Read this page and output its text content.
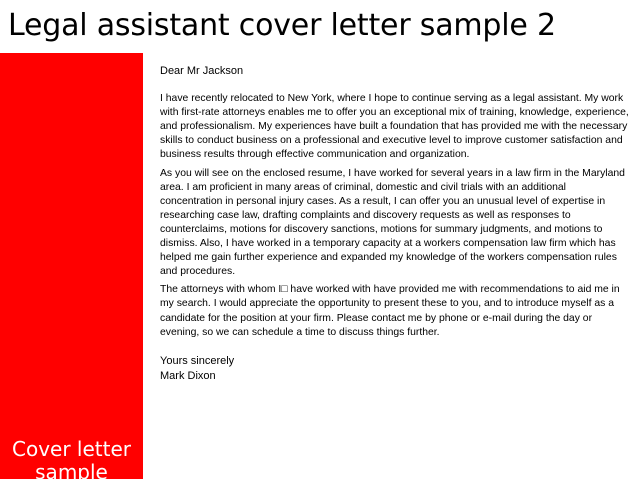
Legal assistant cover letter sample 2
Cover letter
sample

Dear Mr Jackson

I have recently relocated to New York, where I hope to continue serving as a legal assistant. My work with first-rate attorneys enables me to offer you an exceptional mix of training, knowledge, experience, and professionalism. My experiences have built a foundation that has provided me with the necessary skills to conduct business on a professional and executive level to improve customer satisfaction and business results through effective communication and organization.

As you will see on the enclosed resume, I have worked for several years in a law firm in the Maryland area. I am proficient in many areas of criminal, domestic and civil trials with an additional concentration in personal injury cases. As a result, I can offer you an unusual level of expertise in researching case law, drafting complaints and discovery requests as well as responses to counterclaims, motions for discovery sanctions, motions for summary judgments, and motions to dismiss. Also, I have worked in a temporary capacity at a workers compensation law firm which has helped me gain further experience and expanded my knowledge of the workers compensation rules and procedures.

The attorneys with whom I□ have worked with have provided me with recommendations to aid me in my search. I would appreciate the opportunity to present these to you, and to introduce myself as a candidate for the position at your firm. Please contact me by phone or e-mail during the day or evening, so we can schedule a time to discuss things further.

Yours sincerely
Mark Dixon
